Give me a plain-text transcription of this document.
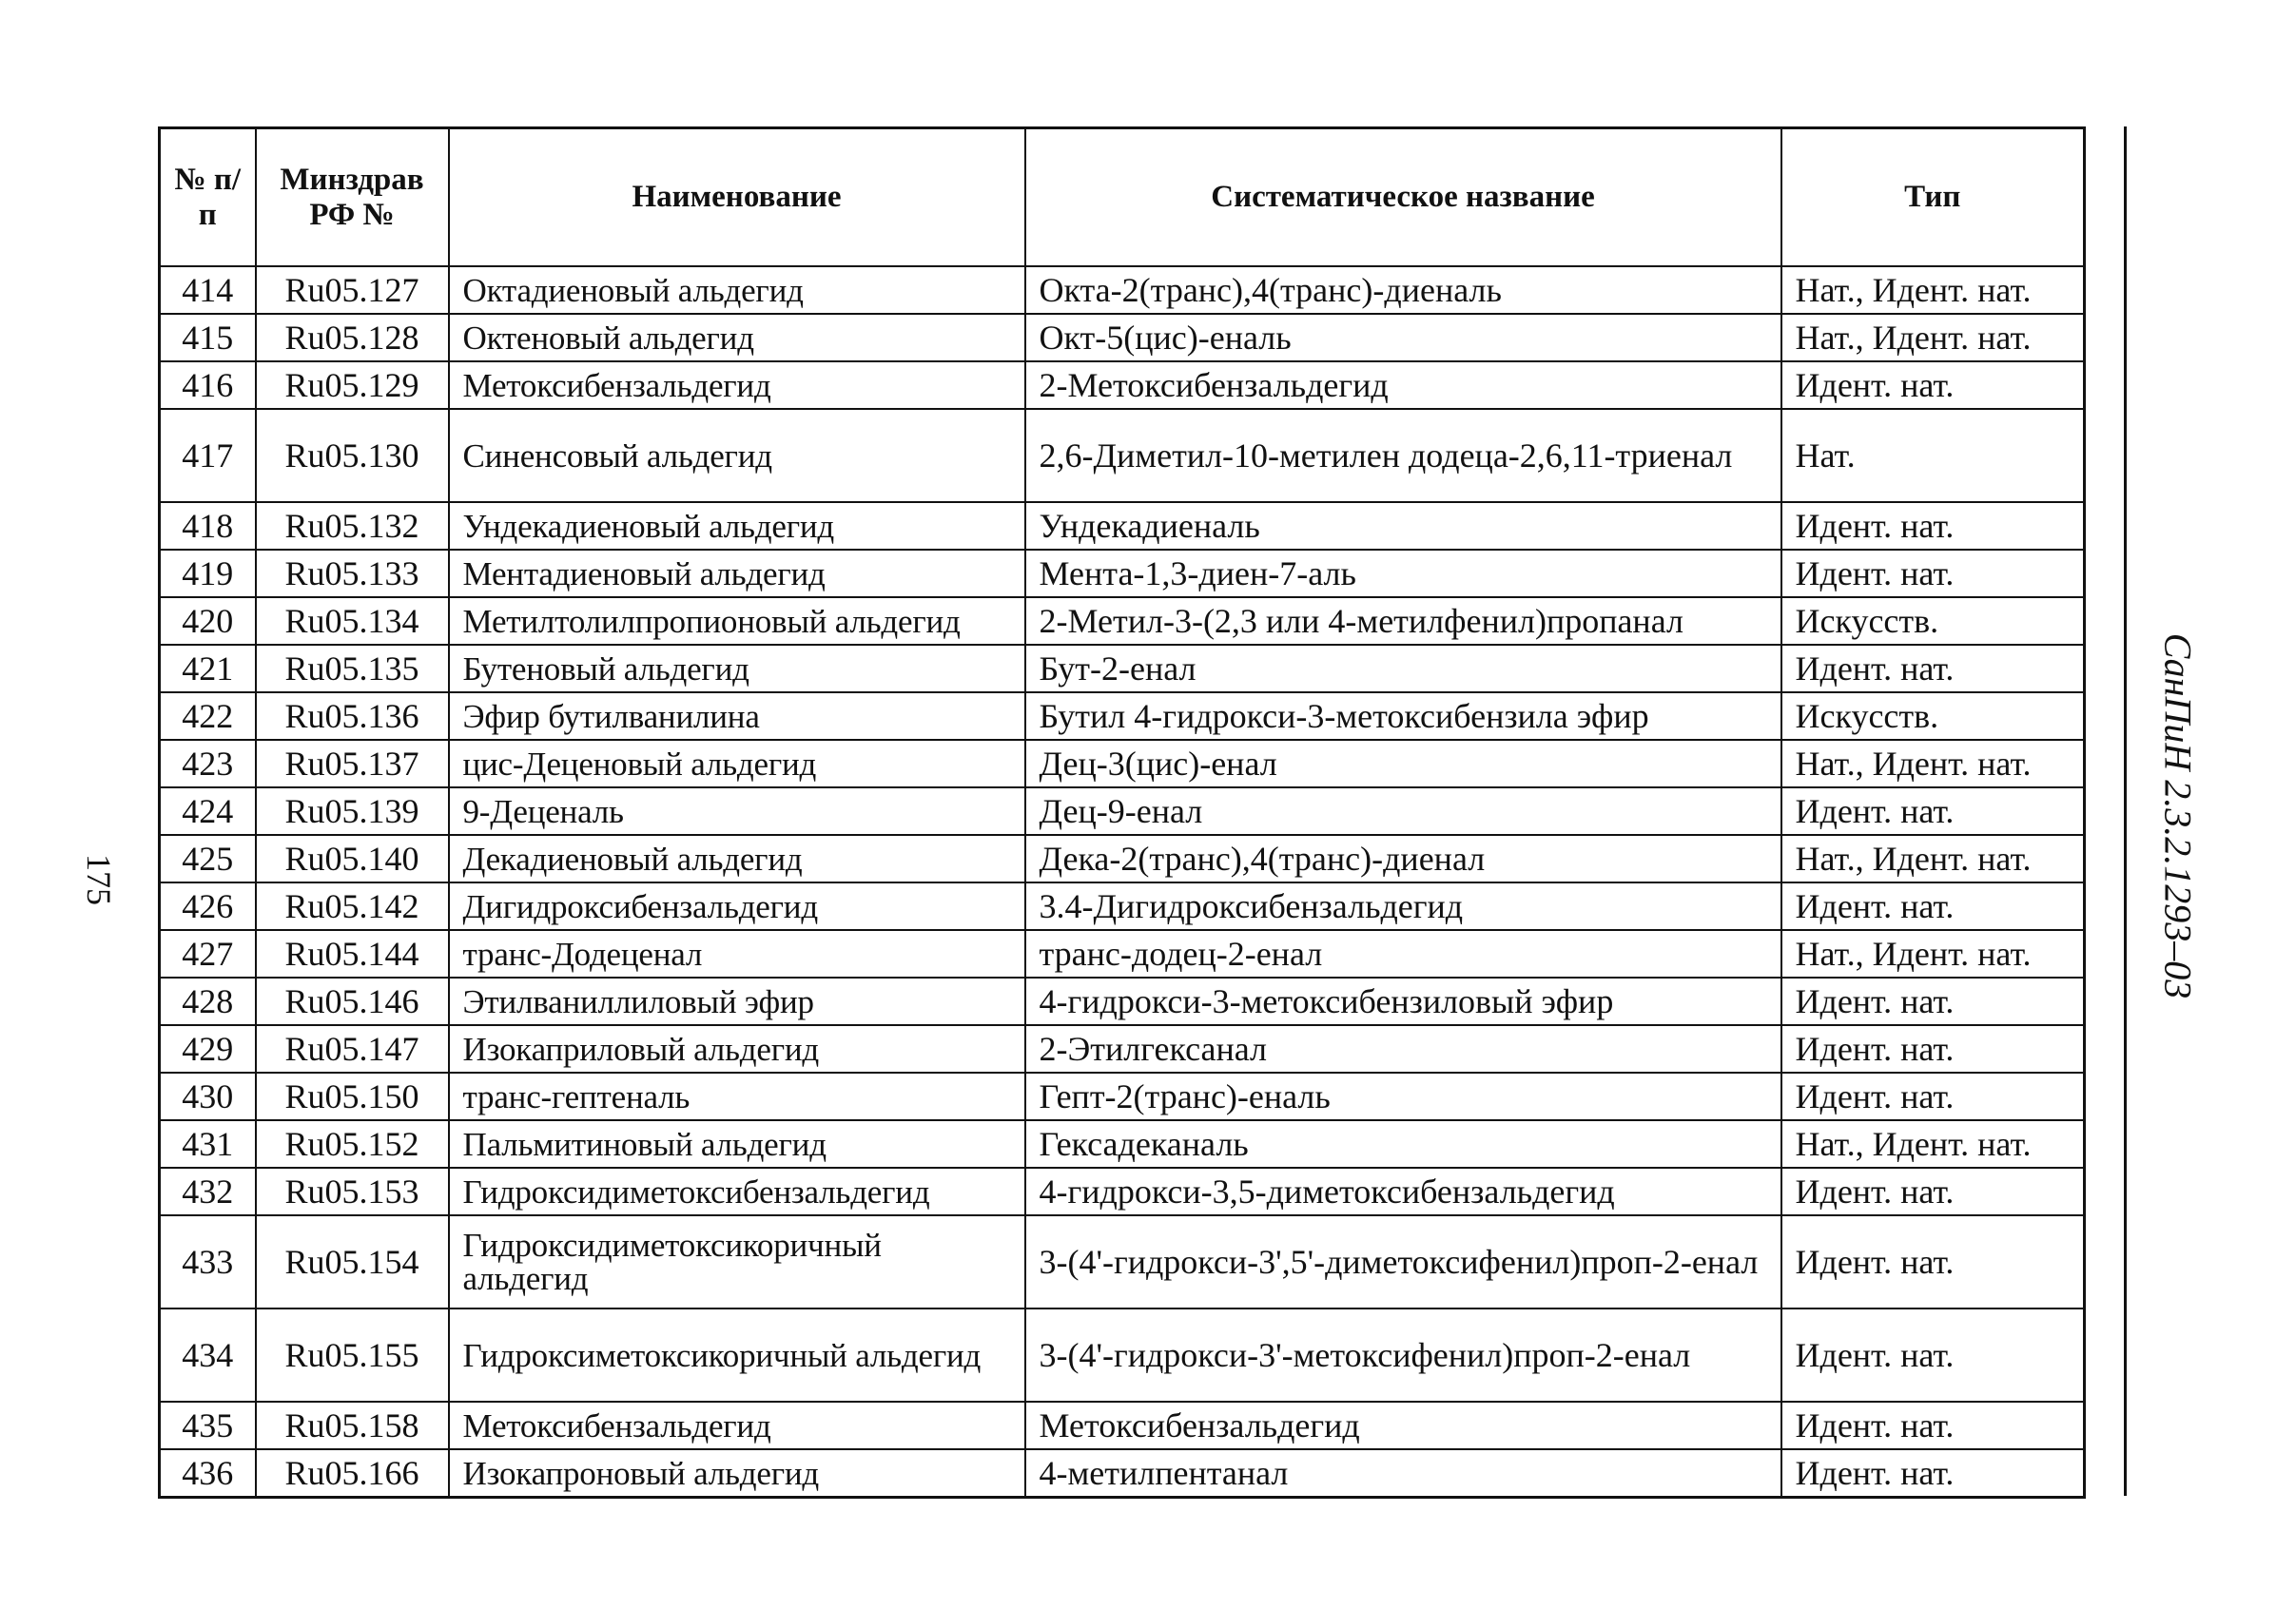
175
№ п/п	Минздрав РФ №	Наименование	Систематическое название	Тип
414	Ru05.127	Октадиеновый альдегид	Окта-2(транс),4(транс)-диеналь	Нат., Идент. нат.
415	Ru05.128	Октеновый альдегид	Окт-5(цис)-еналь	Нат., Идент. нат.
416	Ru05.129	Метоксибензальдегид	2-Метоксибензальдегид	Идент. нат.
417	Ru05.130	Синенсовый альдегид	2,6-Диметил-10-метилен додеца-2,6,11-триенал	Нат.
418	Ru05.132	Ундекадиеновый альдегид	Ундекадиеналь	Идент. нат.
419	Ru05.133	Ментадиеновый альдегид	Мента-1,3-диен-7-аль	Идент. нат.
420	Ru05.134	Метилтолилпропионовый альдегид	2-Метил-3-(2,3 или 4-метилфенил)пропанал	Искусств.
421	Ru05.135	Бутеновый альдегид	Бут-2-енал	Идент. нат.
422	Ru05.136	Эфир бутилванилина	Бутил 4-гидрокси-3-метоксибензила эфир	Искусств.
423	Ru05.137	цис-Деценовый альдегид	Дец-3(цис)-енал	Нат., Идент. нат.
424	Ru05.139	9-Деценаль	Дец-9-енал	Идент. нат.
425	Ru05.140	Декадиеновый альдегид	Дека-2(транс),4(транс)-диенал	Нат., Идент. нат.
426	Ru05.142	Дигидроксибензальдегид	3.4-Дигидроксибензальдегид	Идент. нат.
427	Ru05.144	транс-Додеценал	транс-додец-2-енал	Нат., Идент. нат.
428	Ru05.146	Этилваниллиловый эфир	4-гидрокси-3-метоксибензиловый эфир	Идент. нат.
429	Ru05.147	Изокаприловый альдегид	2-Этилгексанал	Идент. нат.
430	Ru05.150	транс-гептеналь	Гепт-2(транс)-еналь	Идент. нат.
431	Ru05.152	Пальмитиновый альдегид	Гексадеканаль	Нат., Идент. нат.
432	Ru05.153	Гидроксидиметоксибензальдегид	4-гидрокси-3,5-диметоксибензальдегид	Идент. нат.
433	Ru05.154	Гидроксидиметоксикоричный альдегид	3-(4'-гидрокси-3',5'-диметоксифенил)проп-2-енал	Идент. нат.
434	Ru05.155	Гидроксиметоксикоричный альдегид	3-(4'-гидрокси-3'-метоксифенил)проп-2-енал	Идент. нат.
435	Ru05.158	Метоксибензальдегид	Метоксибензальдегид	Идент. нат.
436	Ru05.166	Изокапроновый альдегид	4-метилпентанал	Идент. нат.
СанПиН 2.3.2.1293–03
